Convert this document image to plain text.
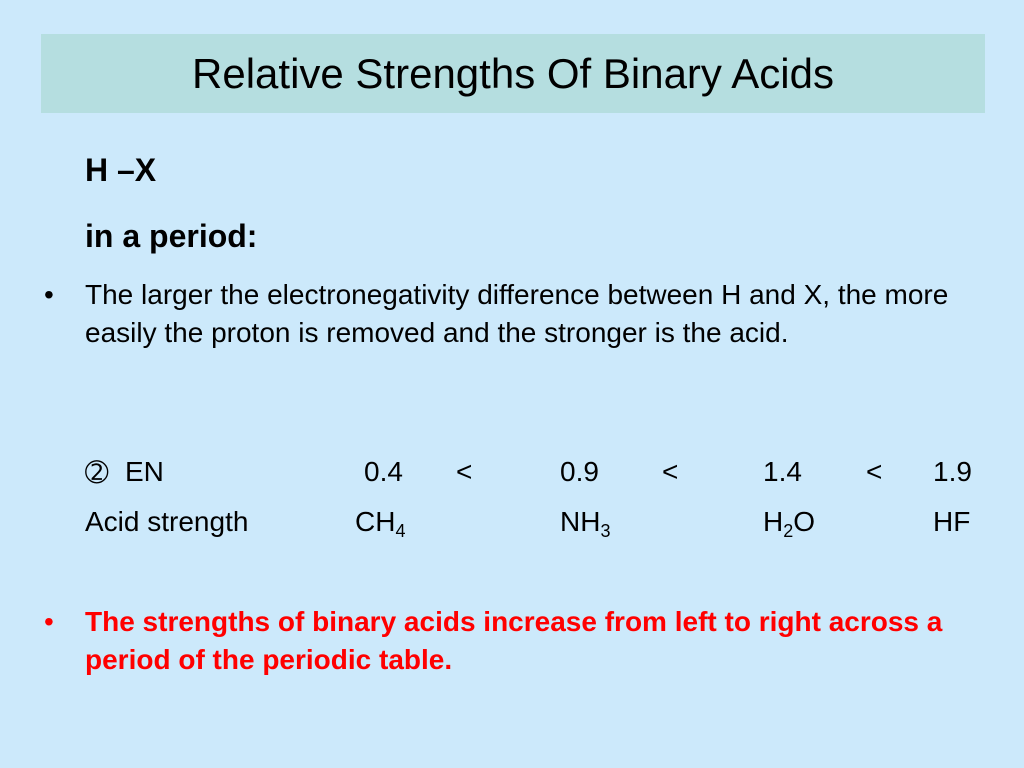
Relative Strengths Of Binary Acids
H –X
in a period:
• The larger the electronegativity difference between H and X, the more easily the proton is removed and the stronger is the acid.
➁ EN	0.4 <	0.9 <	1.4 < 1.9
Acid strength	$CH_4$	$NH_3$	$H_2O$	HF
• The strengths of binary acids increase from left to right across a period of the periodic table.
